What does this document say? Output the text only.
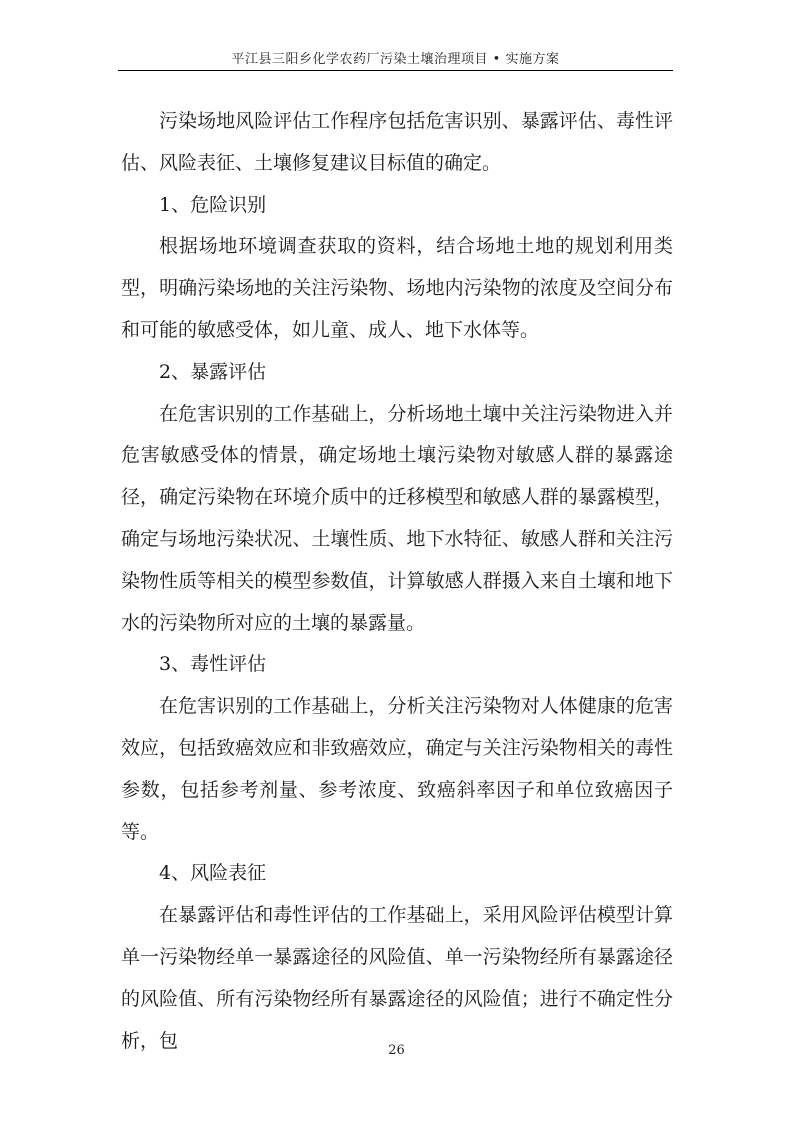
平江县三阳乡化学农药厂污染土壤治理项目 • 实施方案

污染场地风险评估工作程序包括危害识别、暴露评估、毒性评估、风险表征、土壤修复建议目标值的确定。

1、危险识别

根据场地环境调查获取的资料，结合场地土地的规划利用类型，明确污染场地的关注污染物、场地内污染物的浓度及空间分布和可能的敏感受体，如儿童、成人、地下水体等。

2、暴露评估

在危害识别的工作基础上，分析场地土壤中关注污染物进入并危害敏感受体的情景，确定场地土壤污染物对敏感人群的暴露途径，确定污染物在环境介质中的迁移模型和敏感人群的暴露模型，确定与场地污染状况、土壤性质、地下水特征、敏感人群和关注污染物性质等相关的模型参数值，计算敏感人群摄入来自土壤和地下水的污染物所对应的土壤的暴露量。

3、毒性评估

在危害识别的工作基础上，分析关注污染物对人体健康的危害效应，包括致癌效应和非致癌效应，确定与关注污染物相关的毒性参数，包括参考剂量、参考浓度、致癌斜率因子和单位致癌因子等。

4、风险表征

在暴露评估和毒性评估的工作基础上，采用风险评估模型计算单一污染物经单一暴露途径的风险值、单一污染物经所有暴露途径的风险值、所有污染物经所有暴露途径的风险值；进行不确定性分析，包	26
